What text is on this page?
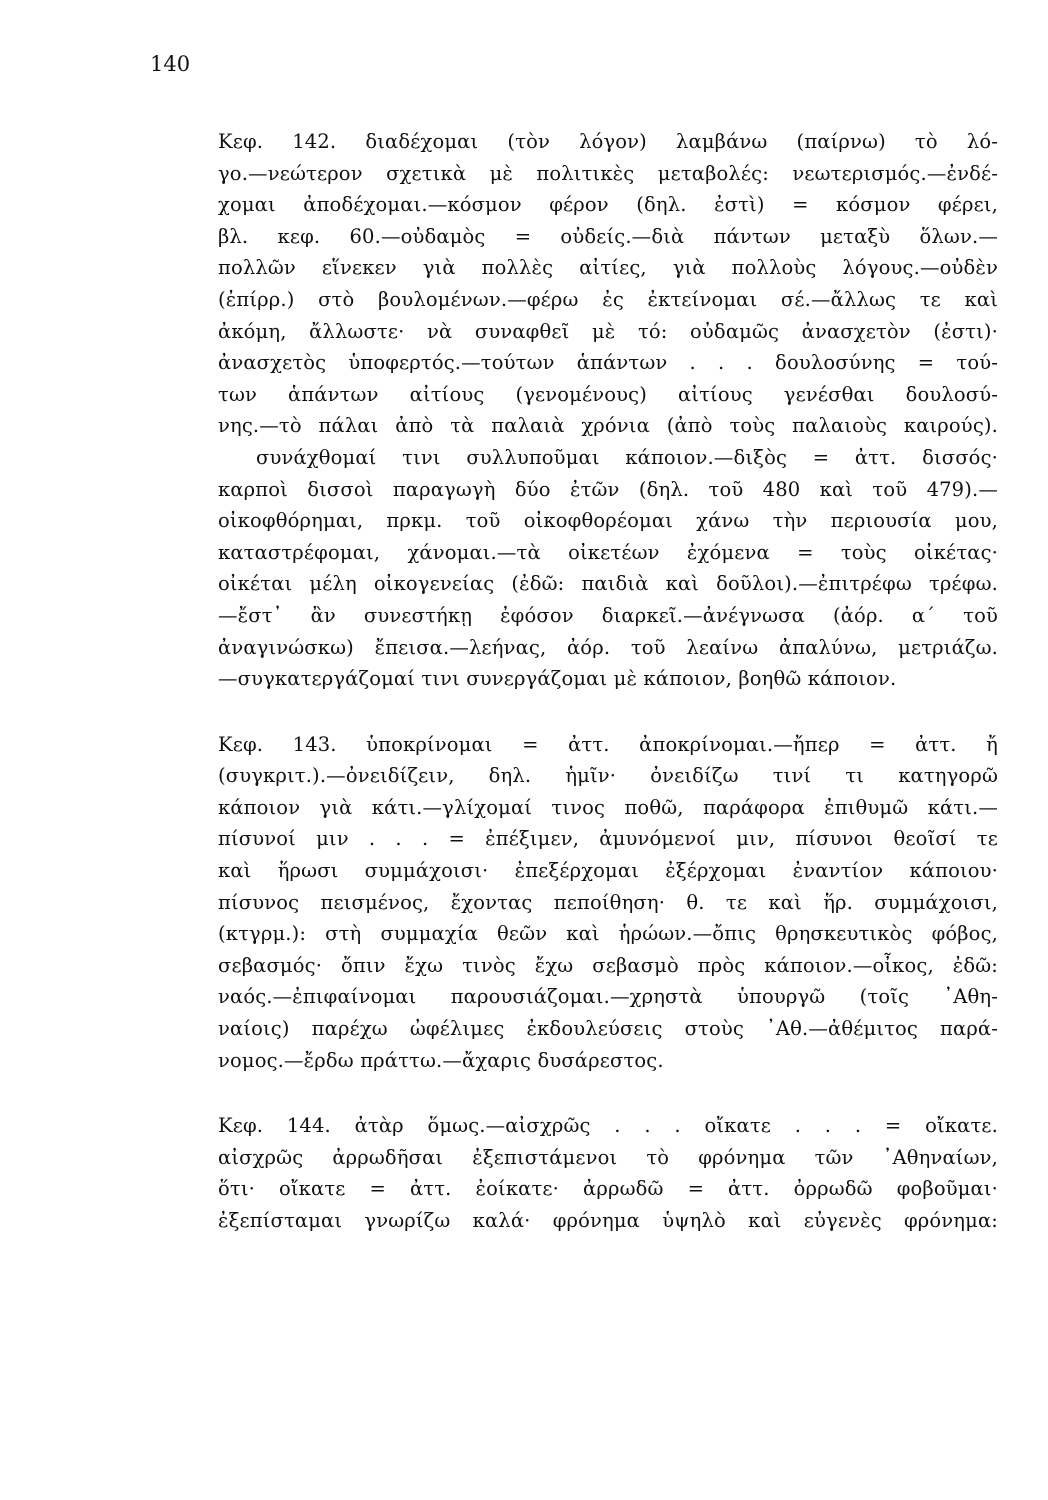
140
Κεφ. 142. διαδέχομαι (τὸν λόγον) λαμβάνω (παίρνω) τὸ λό-
γο.—νεώτερον σχετικὰ μὲ πολιτικὲς μεταβολές: νεωτερισμός.—ἐνδέ-
χομαι ἀποδέχομαι.—κόσμον φέρον (δηλ. ἐστὶ) = κόσμον φέρει,
βλ. κεφ. 60.—οὐδαμὸς = οὐδείς.—διὰ πάντων μεταξὺ ὅλων.—
πολλῶν εἵνεκεν γιὰ πολλὲς αἰτίες, γιὰ πολλοὺς λόγους.—οὐδὲν
(ἐπίρρ.) στὸ βουλομένων.—φέρω ἐς ἐκτείνομαι σέ.—ἄλλως τε καὶ
ἀκόμη, ἄλλωστε· νὰ συναφθεῖ μὲ τό: οὐδαμῶς ἀνασχετὸν (ἐστι)·
ἀνασχετὸς ὑποφερτός.—τούτων ἁπάντων . . . δουλοσύνης = τού-
των ἁπάντων αἰτίους (γενομένους) αἰτίους γενέσθαι δουλοσύ-
νης.—τὸ πάλαι ἀπὸ τὰ παλαιὰ χρόνια (ἀπὸ τοὺς παλαιοὺς καιρούς).
συνάχθομαί τινι συλλυποῦμαι κάποιον.—διξὸς = ἀττ. δισσός·
καρποὶ δισσοὶ παραγωγὴ δύο ἐτῶν (δηλ. τοῦ 480 καὶ τοῦ 479).—
οἰκοφθόρημαι, πρκμ. τοῦ οἰκοφθορέομαι χάνω τὴν περιουσία μου,
καταστρέφομαι, χάνομαι.—τὰ οἰκετέων ἐχόμενα = τοὺς οἰκέτας·
οἰκέται μέλη οἰκογενείας (ἐδῶ: παιδιὰ καὶ δοῦλοι).—ἐπιτρέφω τρέφω.
—ἔστ᾽ ἂν συνεστήκῃ ἐφόσον διαρκεῖ.—ἀνέγνωσα (ἀόρ. α΄ τοῦ
ἀναγινώσκω) ἔπεισα.—λεήνας, ἀόρ. τοῦ λεαίνω ἀπαλύνω, μετριάζω.
—συγκατεργάζομαί τινι συνεργάζομαι μὲ κάποιον, βοηθῶ κάποιον.
Κεφ. 143. ὑποκρίνομαι = ἀττ. ἀποκρίνομαι.—ἤπερ = ἀττ. ἤ
(συγκριτ.).—ὀνειδίζειν, δηλ. ἡμῖν· ὀνειδίζω τινί τι κατηγορῶ
κάποιον γιὰ κάτι.—γλίχομαί τινος ποθῶ, παράφορα ἐπιθυμῶ κάτι.—
πίσυνοί μιν . . . = ἐπέξιμεν, ἀμυνόμενοί μιν, πίσυνοι θεοῖσί τε
καὶ ἥρωσι συμμάχοισι· ἐπεξέρχομαι ἐξέρχομαι ἐναντίον κάποιου·
πίσυνος πεισμένος, ἔχοντας πεποίθηση· θ. τε καὶ ἥρ. συμμάχοισι,
(κτγρμ.): στὴ συμμαχία θεῶν καὶ ἡρώων.—ὄπις θρησκευτικὸς φόβος,
σεβασμός· ὄπιν ἔχω τινὸς ἔχω σεβασμὸ πρὸς κάποιον.—οἶκος, ἐδῶ:
ναός.—ἐπιφαίνομαι παρουσιάζομαι.—χρηστὰ ὑπουργῶ (τοῖς ᾿Αθη-
ναίοις) παρέχω ὠφέλιμες ἐκδουλεύσεις στοὺς ᾿Αθ.—ἀθέμιτος παρά-
νομος.—ἔρδω πράττω.—ἄχαρις δυσάρεστος.
Κεφ. 144. ἀτὰρ ὅμως.—αἰσχρῶς . . . οἴκατε . . . = οἴκατε.
αἰσχρῶς ἀρρωδῆσαι ἐξεπιστάμενοι τὸ φρόνημα τῶν ᾿Αθηναίων,
ὅτι· οἴκατε = ἀττ. ἐοίκατε· ἀρρωδῶ = ἀττ. ὀρρωδῶ φοβοῦμαι·
ἐξεπίσταμαι γνωρίζω καλά· φρόνημα ὑψηλὸ καὶ εὐγενὲς φρόνημα:
